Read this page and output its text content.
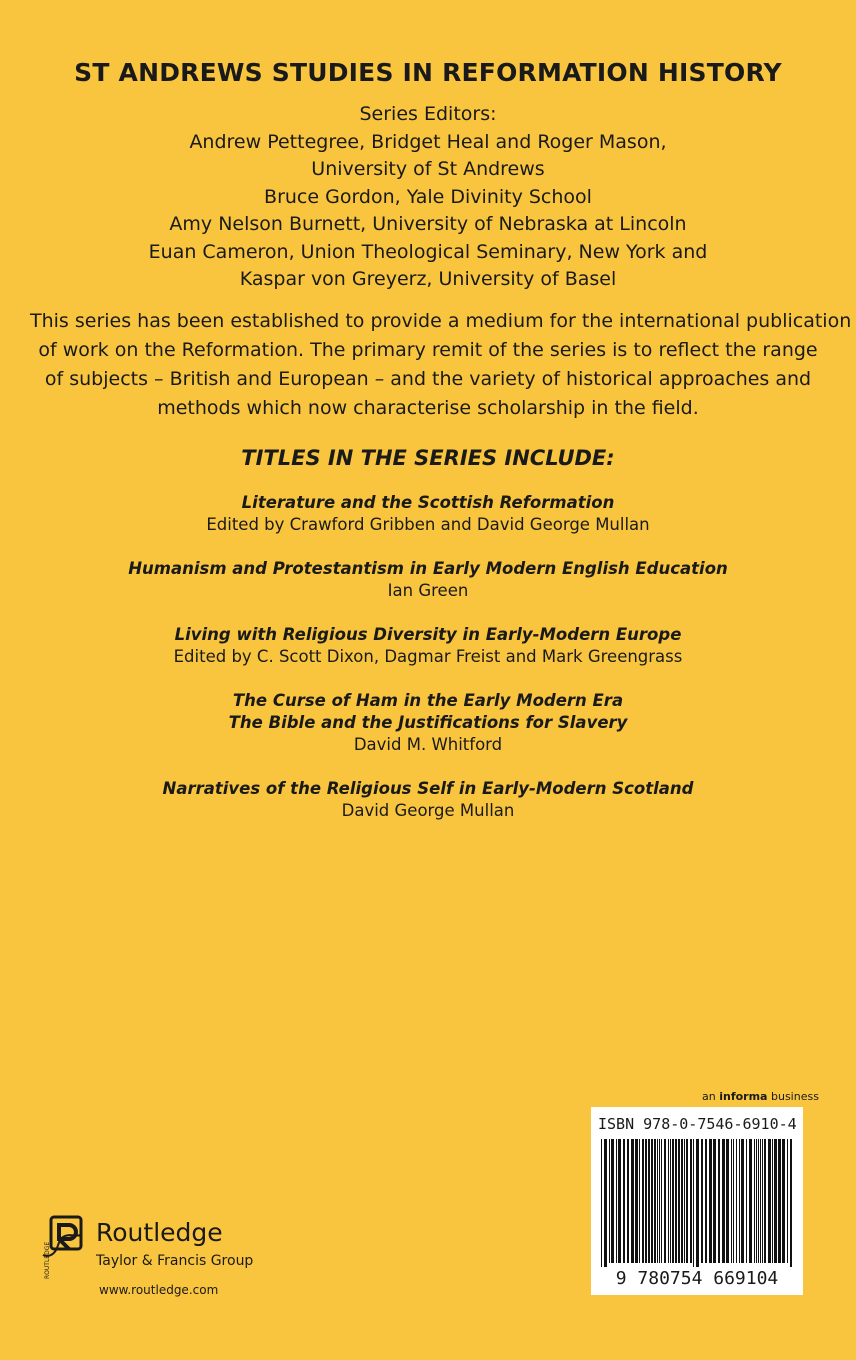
ST ANDREWS STUDIES IN REFORMATION HISTORY
Series Editors:
Andrew Pettegree, Bridget Heal and Roger Mason,
University of St Andrews
Bruce Gordon, Yale Divinity School
Amy Nelson Burnett, University of Nebraska at Lincoln
Euan Cameron, Union Theological Seminary, New York and
Kaspar von Greyerz, University of Basel
This series has been established to provide a medium for the international publication
of work on the Reformation. The primary remit of the series is to reflect the range
of subjects – British and European – and the variety of historical approaches and
methods which now characterise scholarship in the field.
TITLES IN THE SERIES INCLUDE:
Literature and the Scottish Reformation
Edited by Crawford Gribben and David George Mullan
Humanism and Protestantism in Early Modern English Education
Ian Green
Living with Religious Diversity in Early-Modern Europe
Edited by C. Scott Dixon, Dagmar Freist and Mark Greengrass
The Curse of Ham in the Early Modern Era
The Bible and the Justifications for Slavery
David M. Whitford
Narratives of the Religious Self in Early-Modern Scotland
David George Mullan
an informa business
ISBN 978-0-7546-6910-4
9 780754 669104
ROUTLEDGE
Routledge
Taylor & Francis Group
www.routledge.com
